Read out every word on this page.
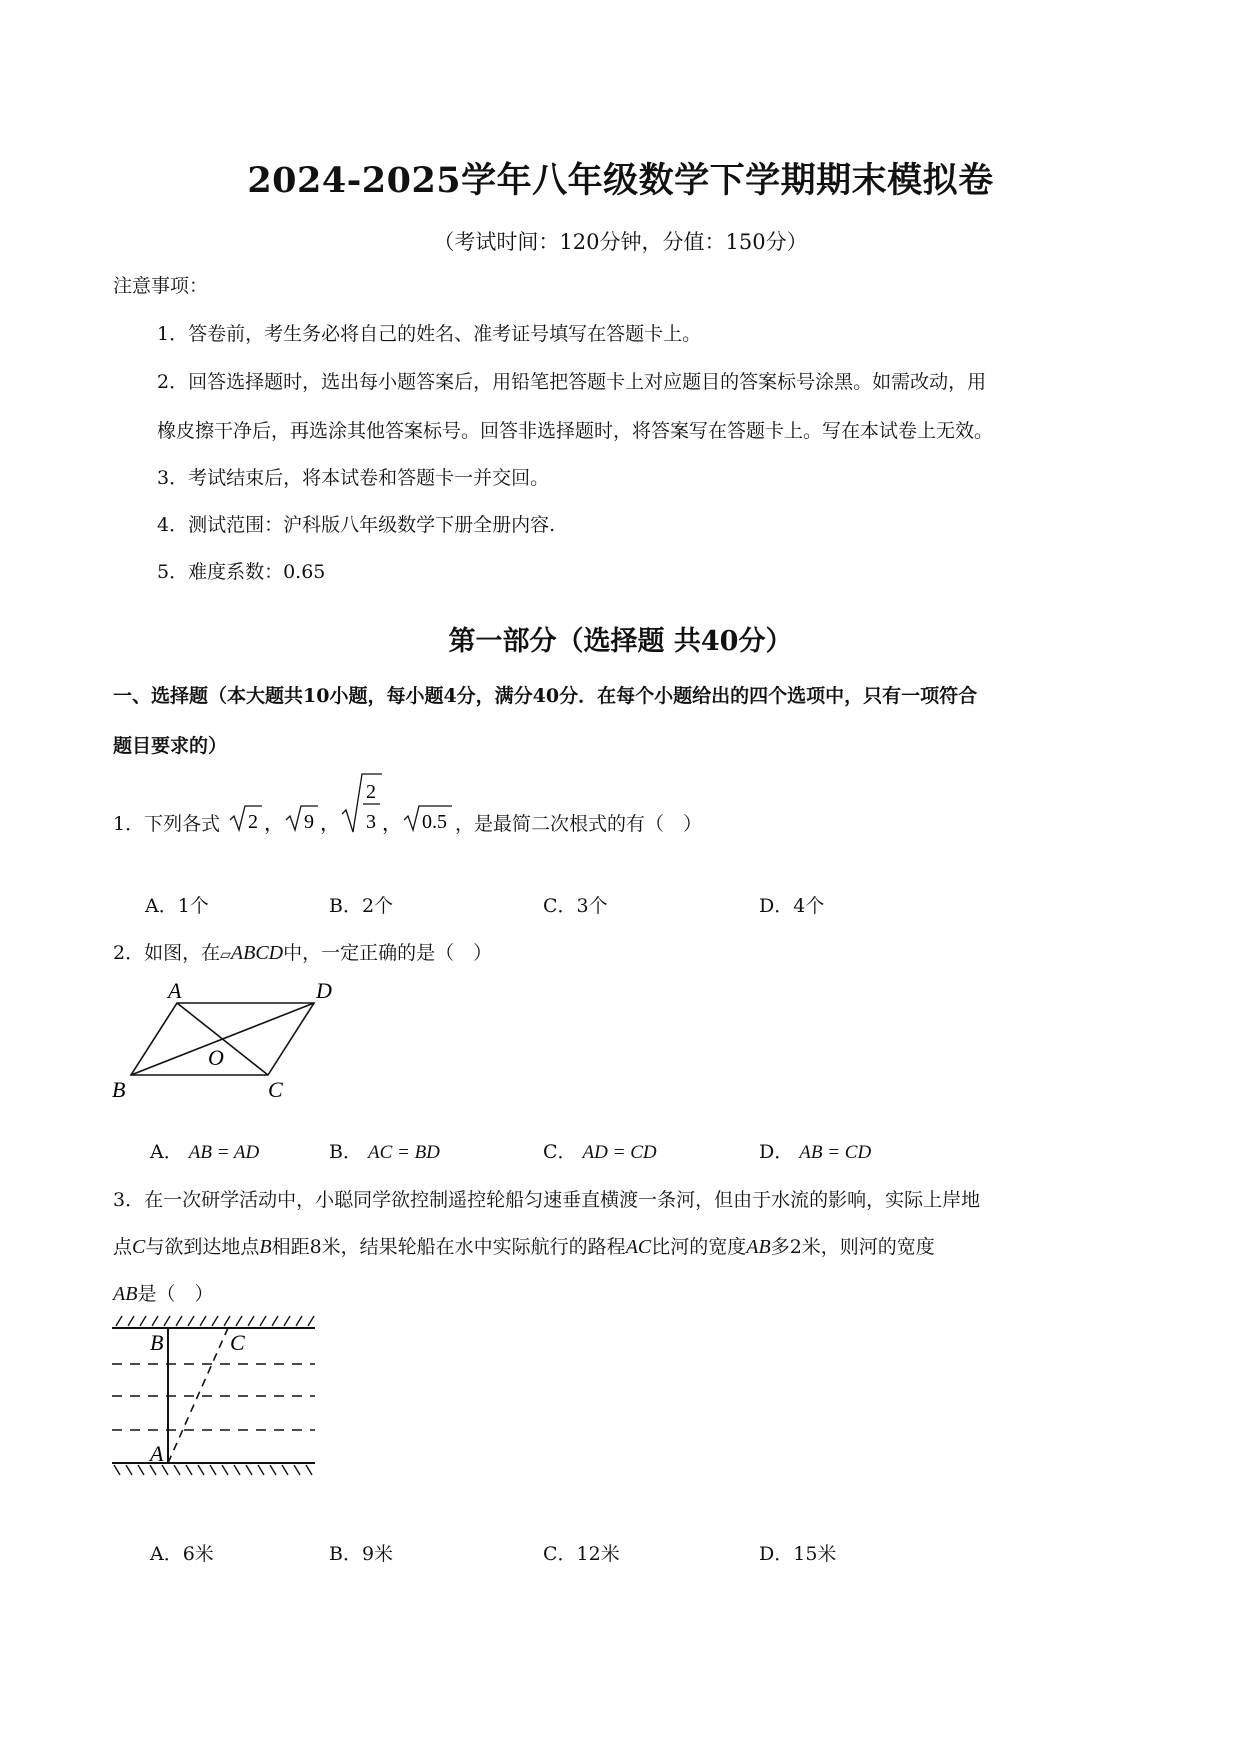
2024-2025学年八年级数学下学期期末模拟卷
（考试时间：120分钟，分值：150分）
注意事项：
1．答卷前，考生务必将自己的姓名、准考证号填写在答题卡上。
2．回答选择题时，选出每小题答案后，用铅笔把答题卡上对应题目的答案标号涂黑。如需改动，用
橡皮擦干净后，再选涂其他答案标号。回答非选择题时，将答案写在答题卡上。写在本试卷上无效。
3．考试结束后，将本试卷和答题卡一并交回。
4．测试范围：沪科版八年级数学下册全册内容.
5．难度系数：0.65
第一部分（选择题 共40分）
一、选择题（本大题共10小题，每小题4分，满分40分．在每个小题给出的四个选项中，只有一项符合
题目要求的）
1．下列各式 2 ， 9 ，
2
3 ， 0.5 ，是最简二次根式的有（　）
A．1个	B．2个	C．3个	D．4个
2．如图，在▱ABCD中，一定正确的是（　）
A	D
O
B	C
A． AB = AD	B． AC = BD	C． AD = CD	D． AB = CD
3．在一次研学活动中，小聪同学欲控制遥控轮船匀速垂直横渡一条河，但由于水流的影响，实际上岸地
点C与欲到达地点B相距8米，结果轮船在水中实际航行的路程AC比河的宽度AB多2米，则河的宽度
AB是（　）
B	C
A
A．6米	B．9米	C．12米	D．15米
